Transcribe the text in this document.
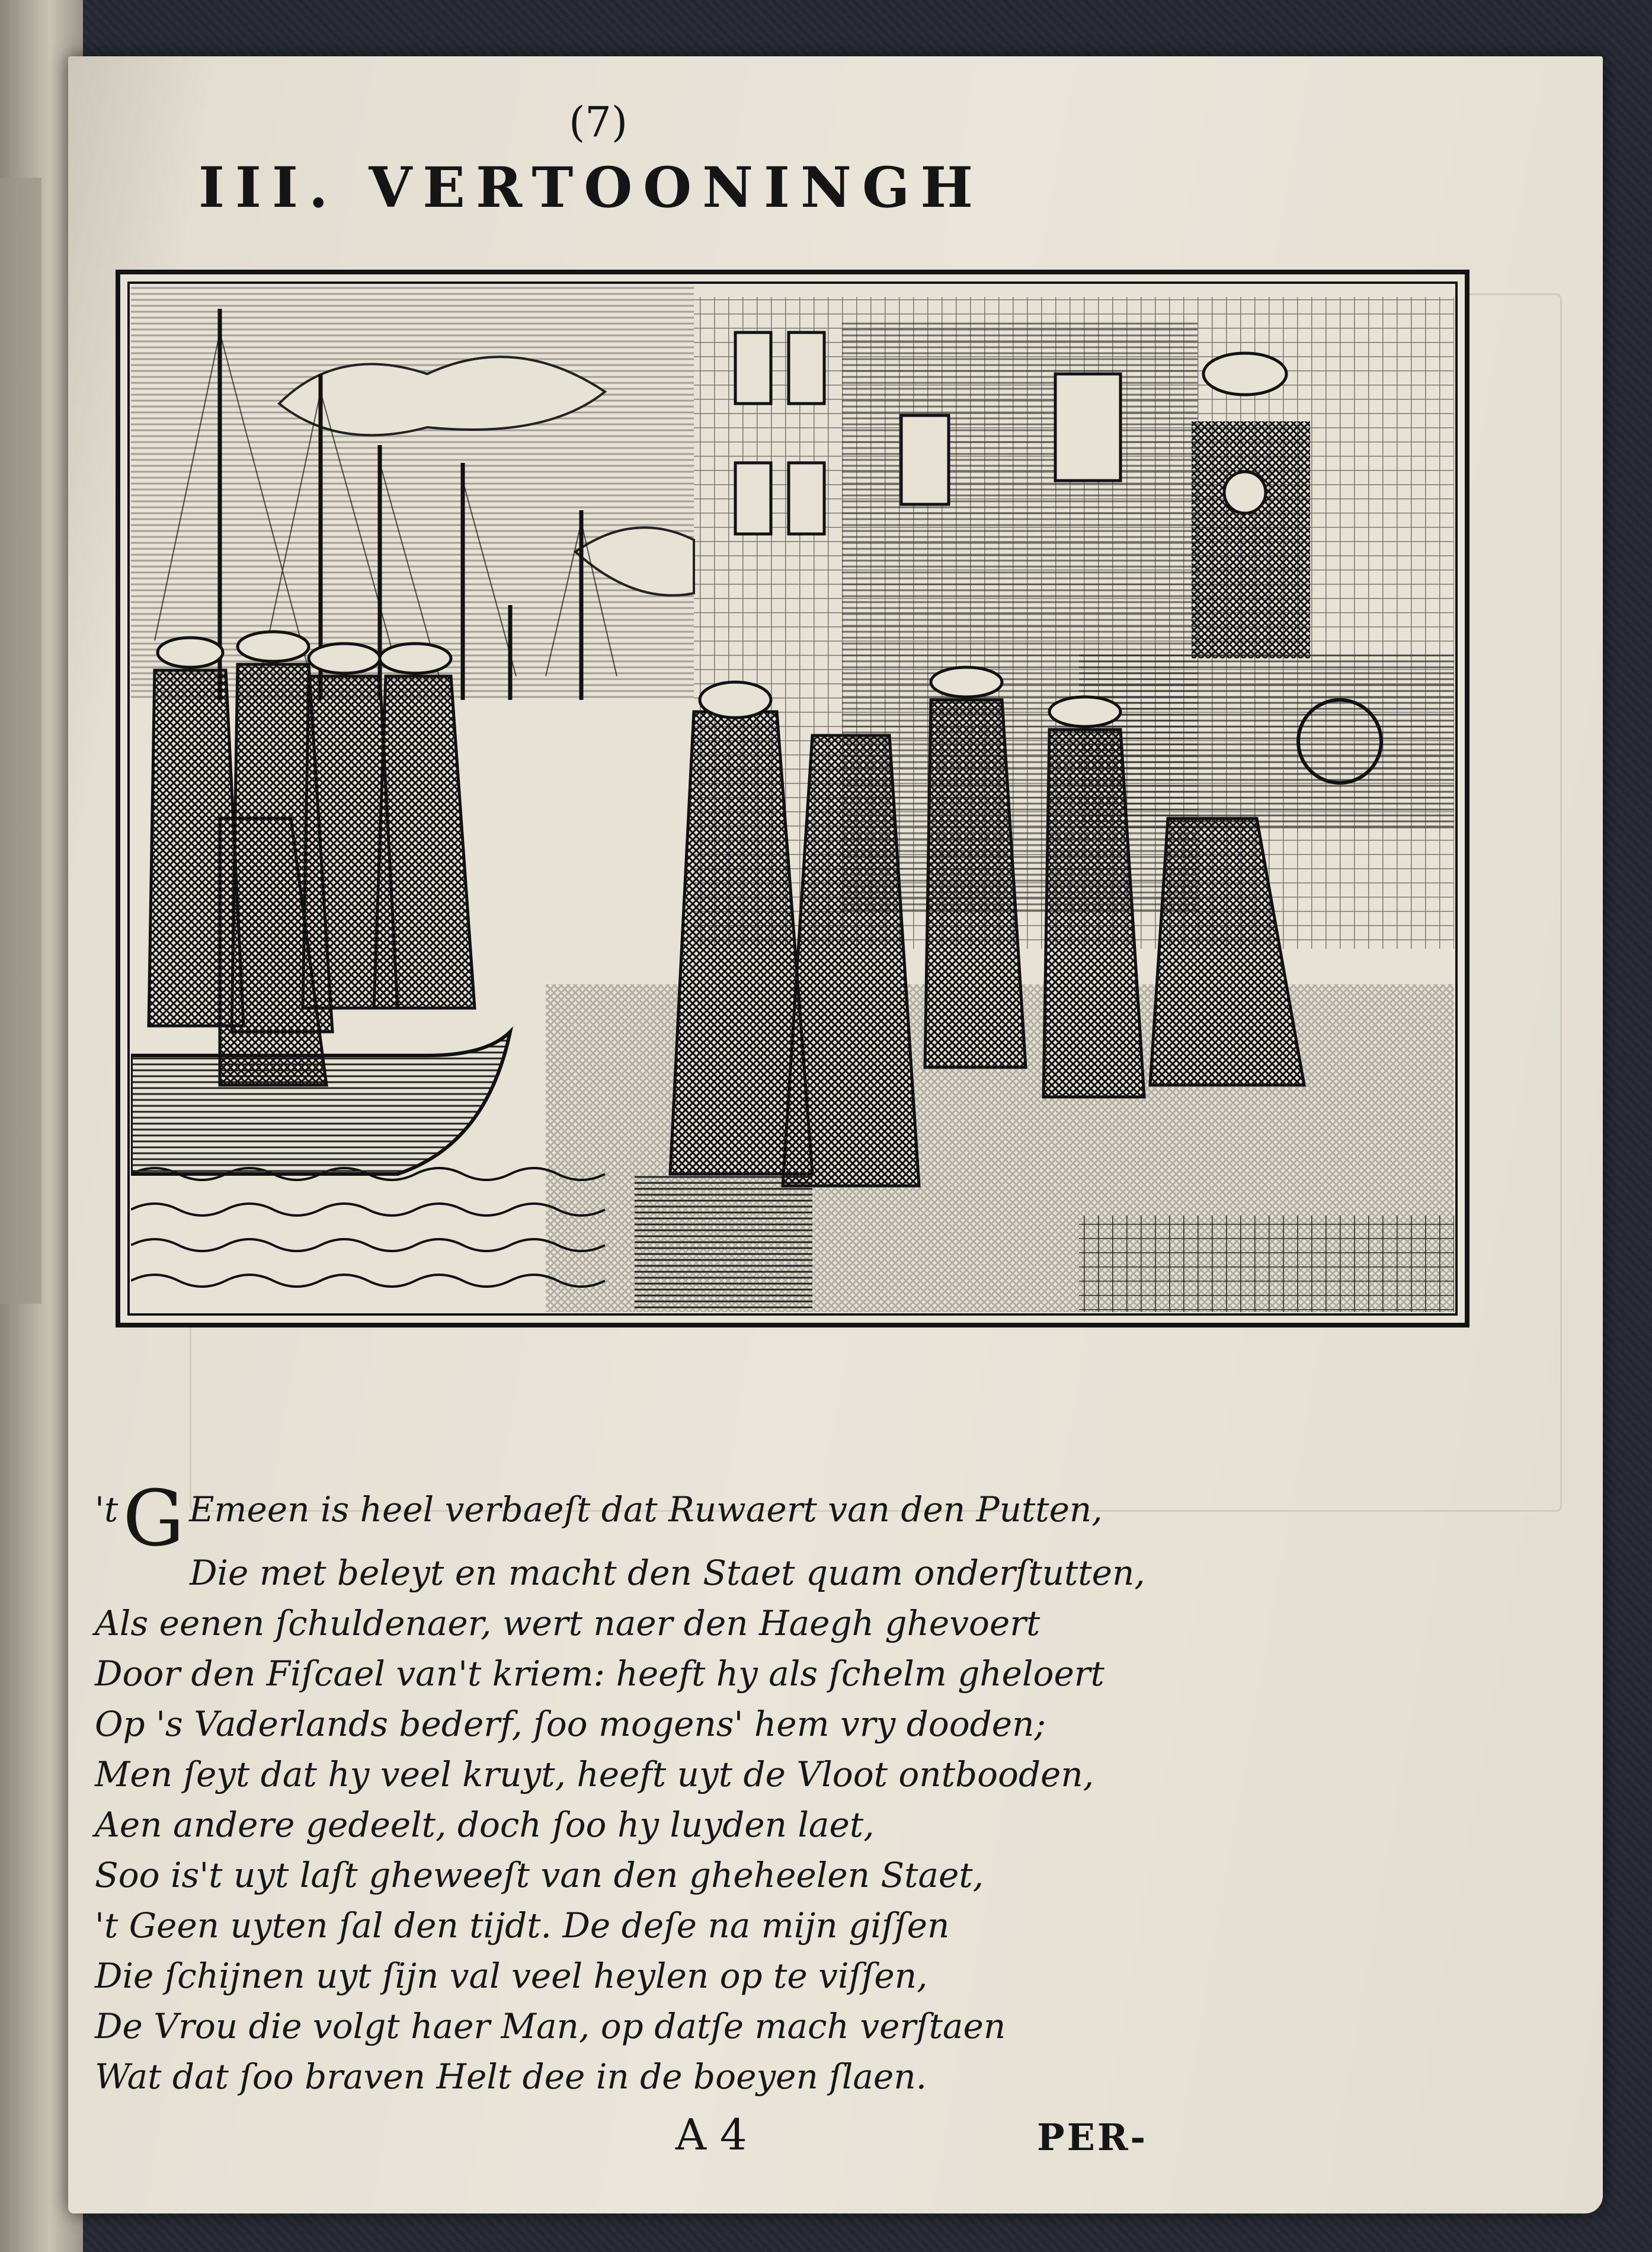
(7)
III. VERTOONINGH
'tG Emeen is heel verbaeſt dat Ruwaert van den Putten,
Die met beleyt en macht den Staet quam onderſtutten,
Als eenen ſchuldenaer, wert naer den Haegh ghevoert
Door den Fiſcael van't kriem: heeft hy als ſchelm gheloert
Op 's Vaderlands bederf, ſoo mogens' hem vry dooden;
Men ſeyt dat hy veel kruyt, heeft uyt de Vloot ontbooden,
Aen andere gedeelt, doch ſoo hy luyden laet,
Soo is't uyt laſt gheweeſt van den gheheelen Staet,
't Geen uyten ſal den tijdt. De deſe na mijn giſſen
Die ſchijnen uyt ſijn val veel heylen op te viſſen,
De Vrou die volgt haer Man, op datſe mach verſtaen
Wat dat ſoo braven Helt dee in de boeyen ſlaen.
A 4	PER-
